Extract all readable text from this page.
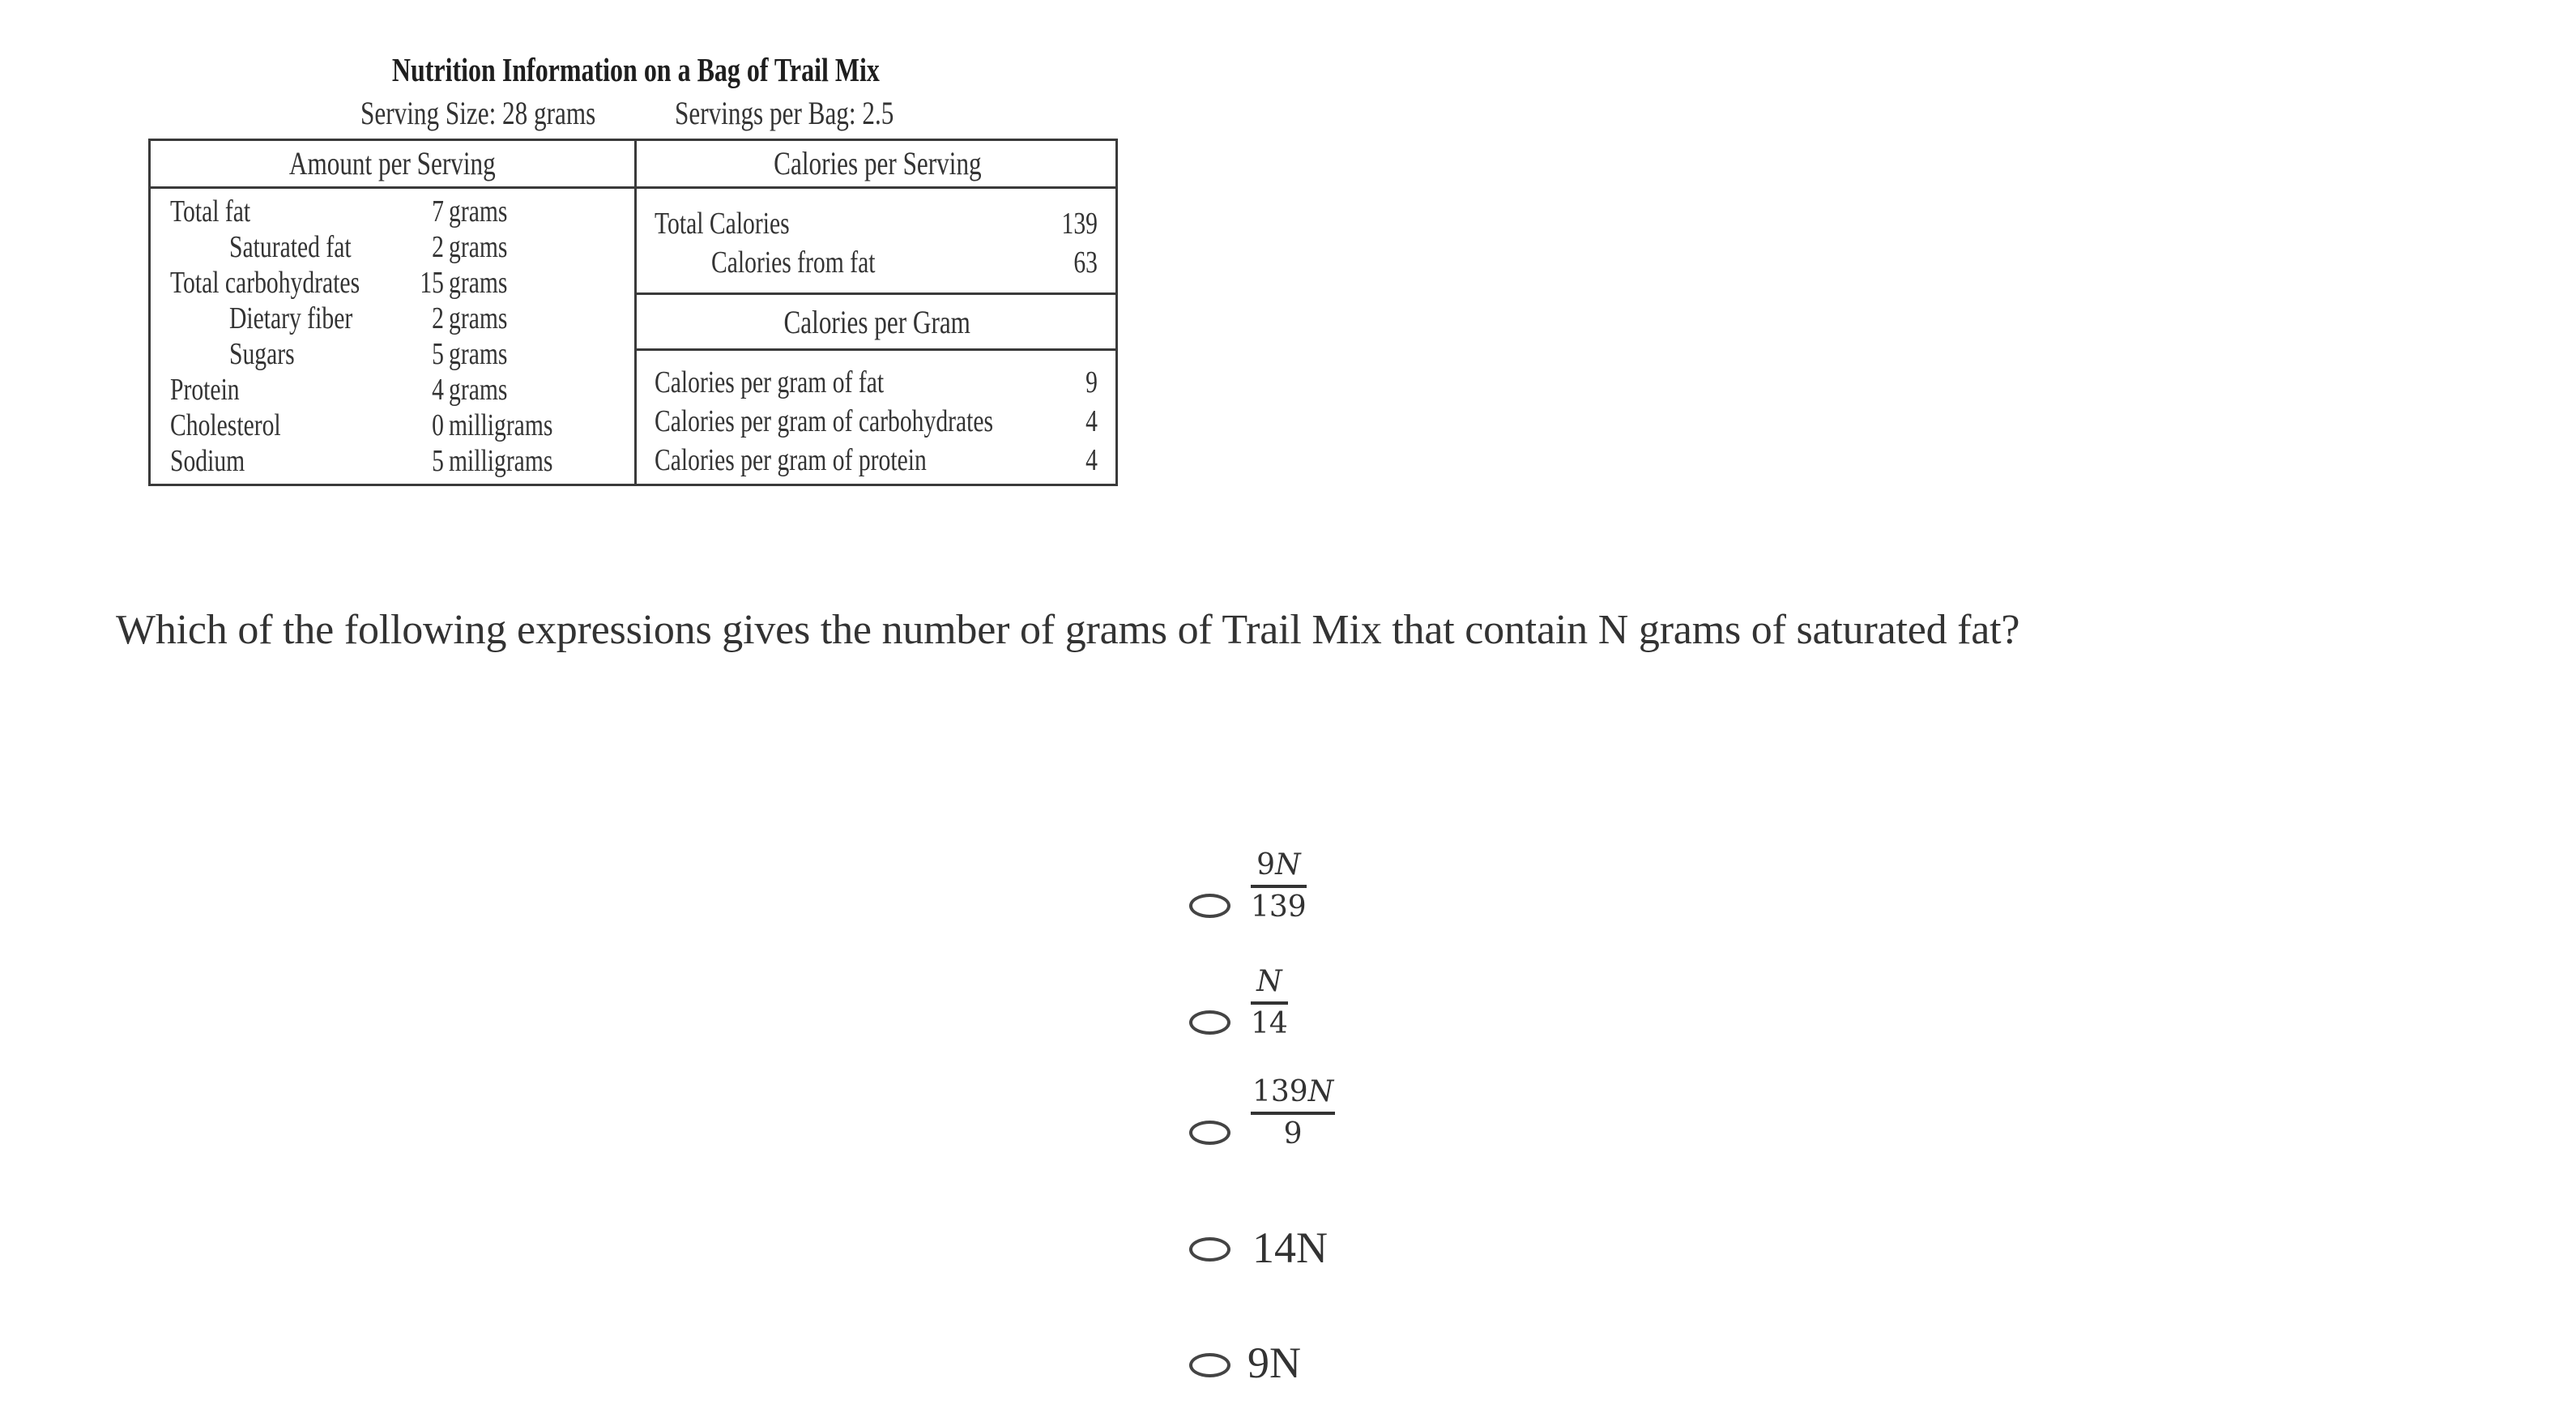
Nutrition Information on a Bag of Trail Mix
Serving Size: 28 grams	Servings per Bag: 2.5
Amount per Serving	Calories per Serving
Calories per Gram
Total fat	7 grams
Saturated fat	2 grams
Total carbohydrates 15 grams
Dietary fiber	2 grams
Sugars	5 grams
Protein	4 grams
Cholesterol	0 milligrams
Sodium	5 milligrams
Total Calories	139
Calories from fat	63
Calories per gram of fat	9
Calories per gram of carbohydrates	4
Calories per gram of protein	4
Which of the following expressions gives the number of grams of Trail Mix that contain N grams of saturated fat?
9N
139
N
14
139N
9
14N
9N
